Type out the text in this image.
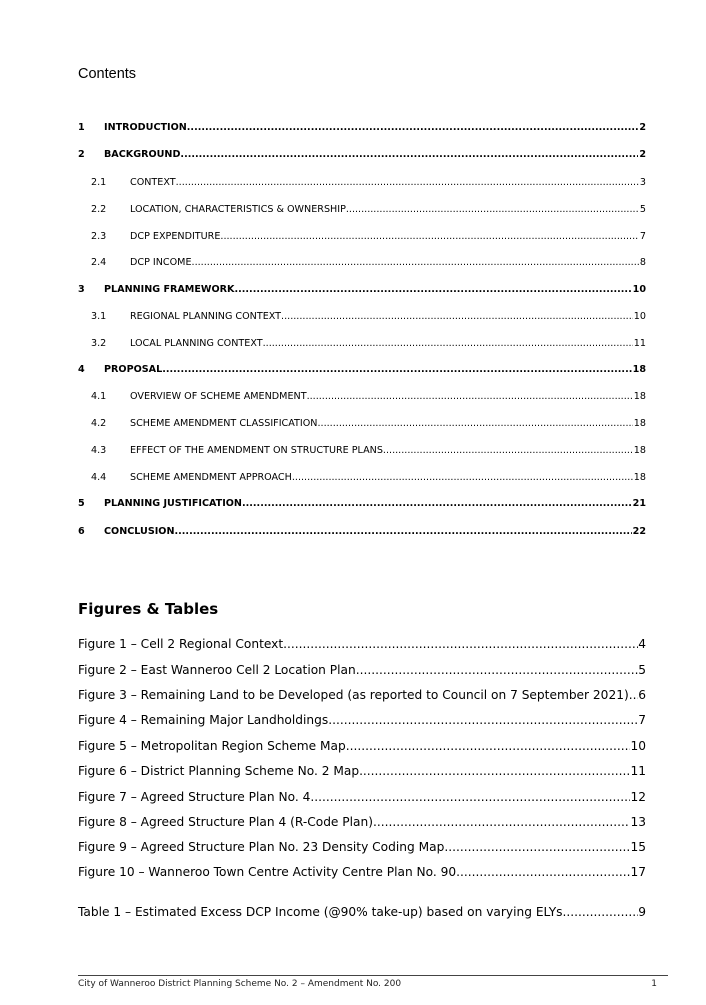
Contents
1	INTRODUCTION .....	2
2	BACKGROUND .....	2
2.1	CONTEXT .....	3
2.2	LOCATION, CHARACTERISTICS & OWNERSHIP .....	5
2.3	DCP EXPENDITURE .....	7
2.4	DCP INCOME .....	8
3	PLANNING FRAMEWORK .....	10
3.1	REGIONAL PLANNING CONTEXT .....	10
3.2	LOCAL PLANNING CONTEXT .....	11
4	PROPOSAL .....	18
4.1	OVERVIEW OF SCHEME AMENDMENT .....	18
4.2	SCHEME AMENDMENT CLASSIFICATION .....	18
4.3	EFFECT OF THE AMENDMENT ON STRUCTURE PLANS .....	18
4.4	SCHEME AMENDMENT APPROACH .....	18
5	PLANNING JUSTIFICATION .....	21
6	CONCLUSION .....	22
Figures & Tables
Figure 1 – Cell 2 Regional Context .....	4
Figure 2 – East Wanneroo Cell 2 Location Plan .....	5
Figure 3 – Remaining Land to be Developed (as reported to Council on 7 September 2021) ..... 6
Figure 4 – Remaining Major Landholdings .....	7
Figure 5 – Metropolitan Region Scheme Map .....	10
Figure 6 – District Planning Scheme No. 2 Map .....	11
Figure 7 – Agreed Structure Plan No. 4 .....	12
Figure 8 – Agreed Structure Plan 4 (R-Code Plan) .....	13
Figure 9 – Agreed Structure Plan No. 23 Density Coding Map .....	15
Figure 10 – Wanneroo Town Centre Activity Centre Plan No. 90 .....	17
Table 1 – Estimated Excess DCP Income (@90% take-up) based on varying ELYs .....	9
City of Wanneroo District Planning Scheme No. 2 – Amendment No. 200	1
